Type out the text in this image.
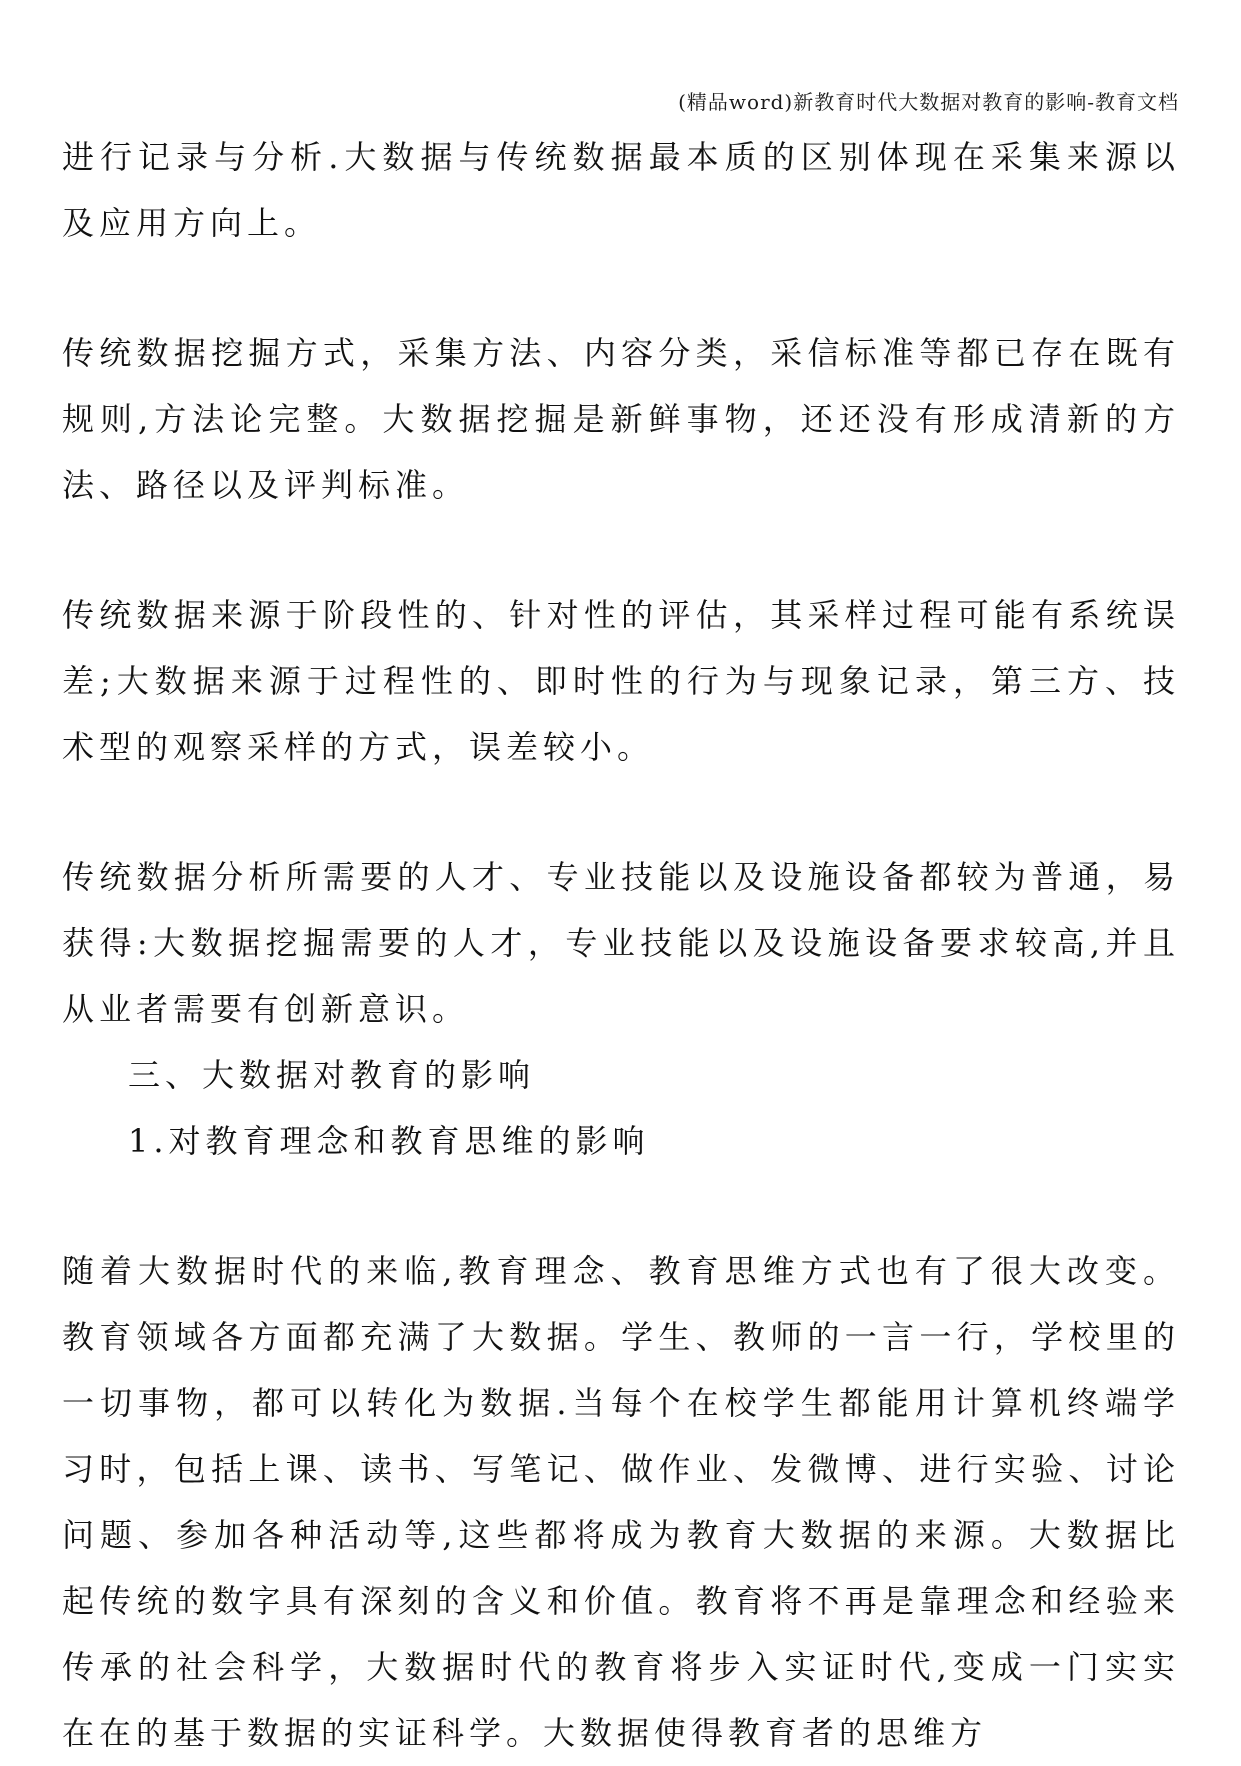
(精品word)新教育时代大数据对教育的影响-教育文档

进行记录与分析.大数据与传统数据最本质的区别体现在采集来源以及应用方向上。

传统数据挖掘方式，采集方法、内容分类，采信标准等都已存在既有规则,方法论完整。大数据挖掘是新鲜事物，还还没有形成清新的方法、路径以及评判标准。

传统数据来源于阶段性的、针对性的评估，其采样过程可能有系统误差;大数据来源于过程性的、即时性的行为与现象记录，第三方、技术型的观察采样的方式，误差较小。

传统数据分析所需要的人才、专业技能以及设施设备都较为普通，易获得:大数据挖掘需要的人才，专业技能以及设施设备要求较高,并且从业者需要有创新意识。

三、大数据对教育的影响

1.对教育理念和教育思维的影响

随着大数据时代的来临,教育理念、教育思维方式也有了很大改变。教育领域各方面都充满了大数据。学生、教师的一言一行，学校里的一切事物，都可以转化为数据.当每个在校学生都能用计算机终端学习时，包括上课、读书、写笔记、做作业、发微博、进行实验、讨论问题、参加各种活动等,这些都将成为教育大数据的来源。大数据比起传统的数字具有深刻的含义和价值。教育将不再是靠理念和经验来传承的社会科学，大数据时代的教育将步入实证时代,变成一门实实在在的基于数据的实证科学。大数据使得教育者的思维方
